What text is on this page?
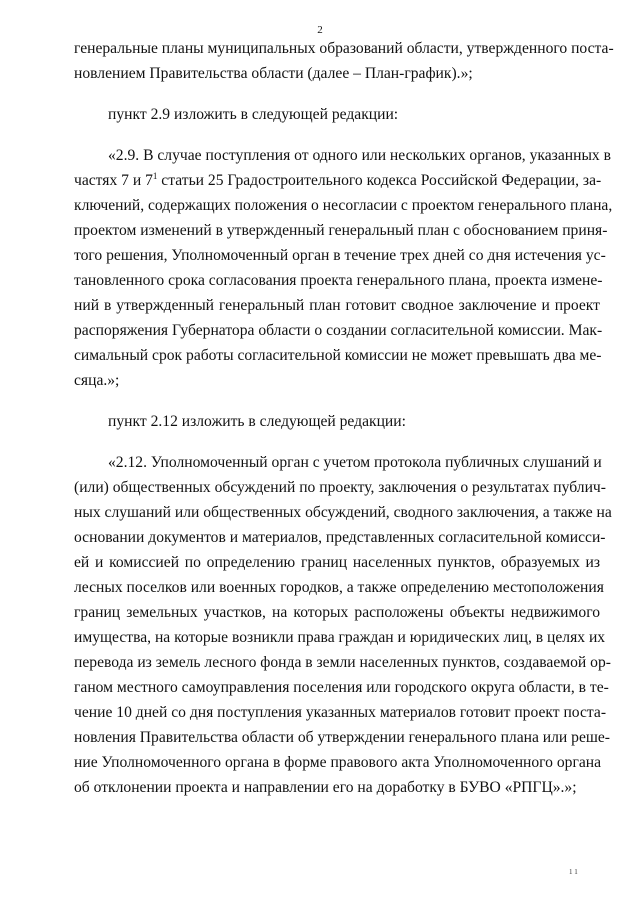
2
генеральные планы муниципальных образований области, утвержденного поста-
новлением Правительства области (далее – План-график).»;
пункт 2.9 изложить в следующей редакции:
«2.9. В случае поступления от одного или нескольких органов, указанных в
частях 7 и $7^1$ статьи 25 Градостроительного кодекса Российской Федерации, за-
ключений, содержащих положения о несогласии с проектом генерального плана,
проектом изменений в утвержденный генеральный план с обоснованием приня-
того решения, Уполномоченный орган в течение трех дней со дня истечения ус-
тановленного срока согласования проекта генерального плана, проекта измене-
ний в утвержденный генеральный план готовит сводное заключение и проект
распоряжения Губернатора области о создании согласительной комиссии. Мак-
симальный срок работы согласительной комиссии не может превышать два ме-
сяца.»;
пункт 2.12 изложить в следующей редакции:
«2.12. Уполномоченный орган с учетом протокола публичных слушаний и
(или) общественных обсуждений по проекту, заключения о результатах публич-
ных слушаний или общественных обсуждений, сводного заключения, а также на
основании документов и материалов, представленных согласительной комисси-
ей и комиссией по определению границ населенных пунктов, образуемых из
лесных поселков или военных городков, а также определению местоположения
границ земельных участков, на которых расположены объекты недвижимого
имущества, на которые возникли права граждан и юридических лиц, в целях их
перевода из земель лесного фонда в земли населенных пунктов, создаваемой ор-
ганом местного самоуправления поселения или городского округа области, в те-
чение 10 дней со дня поступления указанных материалов готовит проект поста-
новления Правительства области об утверждении генерального плана или реше-
ние Уполномоченного органа в форме правового акта Уполномоченного органа
об отклонении проекта и направлении его на доработку в БУВО «РПГЦ».»;
11
